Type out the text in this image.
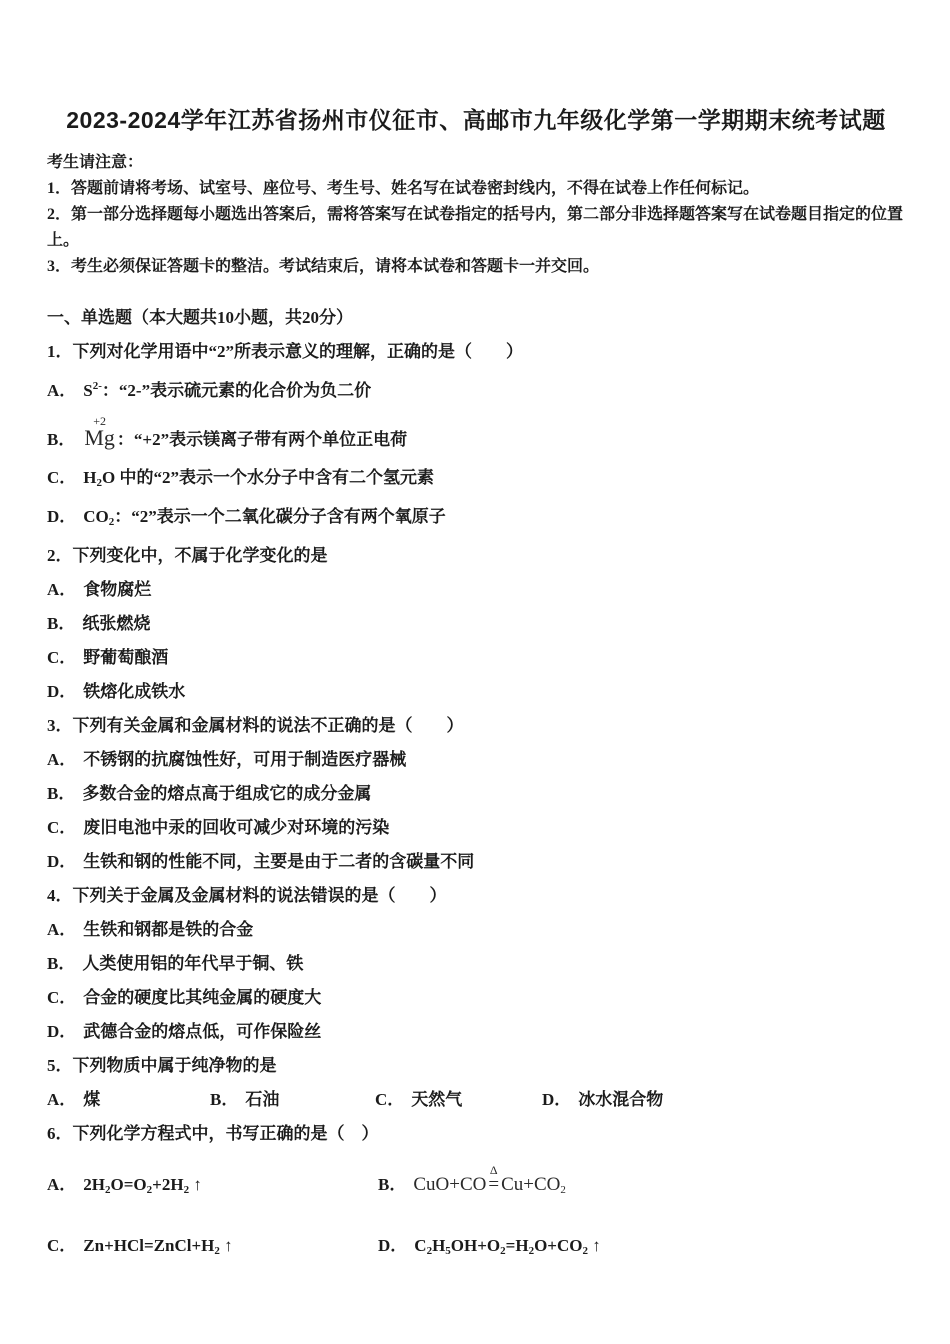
2023-2024学年江苏省扬州市仪征市、高邮市九年级化学第一学期期末统考试题
考生请注意：
1．答题前请将考场、试室号、座位号、考生号、姓名写在试卷密封线内，不得在试卷上作任何标记。
2．第一部分选择题每小题选出答案后，需将答案写在试卷指定的括号内，第二部分非选择题答案写在试卷题目指定的位置上。
3．考生必须保证答题卡的整洁。考试结束后，请将本试卷和答题卡一并交回。
一、单选题（本大题共10小题，共20分）
1．下列对化学用语中“2”所表示意义的理解，正确的是（　　）
A． $S^{2-}$：“2-”表示硫元素的化合价为负二价
B．
+2
Mg ：“+2”表示镁离子带有两个单位正电荷
C． H2O 中的“2”表示一个水分子中含有二个氢元素
D． CO2：“2”表示一个二氧化碳分子含有两个氧原子
2．下列变化中，不属于化学变化的是
A． 食物腐烂
B． 纸张燃烧
C． 野葡萄酿酒
D． 铁熔化成铁水
3．下列有关金属和金属材料的说法不正确的是（　　）
A． 不锈钢的抗腐蚀性好，可用于制造医疗器械
B． 多数合金的熔点高于组成它的成分金属
C． 废旧电池中汞的回收可减少对环境的污染
D． 生铁和钢的性能不同，主要是由于二者的含碳量不同
4．下列关于金属及金属材料的说法错误的是（　　）
A． 生铁和钢都是铁的合金
B． 人类使用铝的年代早于铜、铁
C． 合金的硬度比其纯金属的硬度大
D． 武德合金的熔点低，可作保险丝
5．下列物质中属于纯净物的是
A． 煤	B． 石油	C． 天然气	D． 冰水混合物
6．下列化学方程式中，书写正确的是（　）
A． 2H2O=O2+2H2 ↑	B． CuO+CO
Δ
= Cu+CO2
C． Zn+HCl=ZnCl+H2 ↑	D． C2H5OH+O2=H2O+CO2 ↑
